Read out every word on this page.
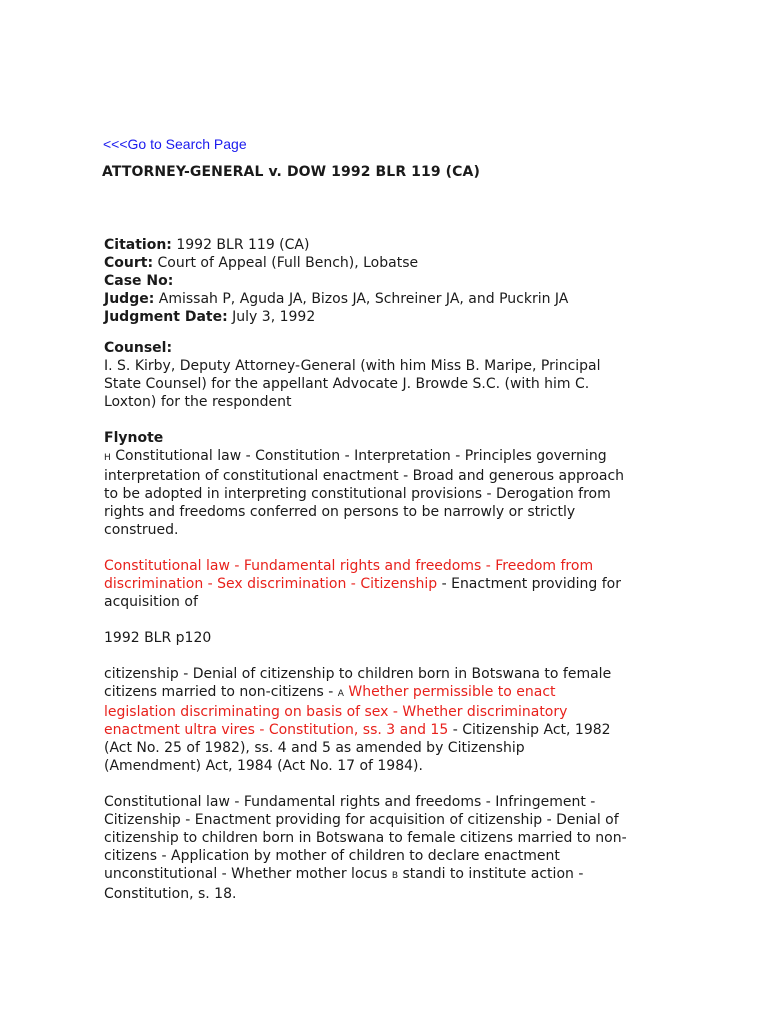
<<<Go to Search Page
ATTORNEY-GENERAL v. DOW 1992 BLR 119 (CA)
Citation: 1992 BLR 119 (CA)
Court: Court of Appeal (Full Bench), Lobatse
Case No:
Judge: Amissah P, Aguda JA, Bizos JA, Schreiner JA, and Puckrin JA
Judgment Date: July 3, 1992
Counsel:
I. S. Kirby, Deputy Attorney-General (with him Miss B. Maripe, Principal
State Counsel) for the appellant Advocate J. Browde S.C. (with him C.
Loxton) for the respondent
Flynote
H Constitutional law - Constitution - Interpretation - Principles governing
interpretation of constitutional enactment - Broad and generous approach
to be adopted in interpreting constitutional provisions - Derogation from
rights and freedoms conferred on persons to be narrowly or strictly
construed.
Constitutional law - Fundamental rights and freedoms - Freedom from
discrimination - Sex discrimination - Citizenship - Enactment providing for
acquisition of
1992 BLR p120
citizenship - Denial of citizenship to children born in Botswana to female
citizens married to non-citizens - A Whether permissible to enact
legislation discriminating on basis of sex - Whether discriminatory
enactment ultra vires - Constitution, ss. 3 and 15 - Citizenship Act, 1982
(Act No. 25 of 1982), ss. 4 and 5 as amended by Citizenship
(Amendment) Act, 1984 (Act No. 17 of 1984).
Constitutional law - Fundamental rights and freedoms - Infringement -
Citizenship - Enactment providing for acquisition of citizenship - Denial of
citizenship to children born in Botswana to female citizens married to non-
citizens - Application by mother of children to declare enactment
unconstitutional - Whether mother locus B standi to institute action -
Constitution, s. 18.
